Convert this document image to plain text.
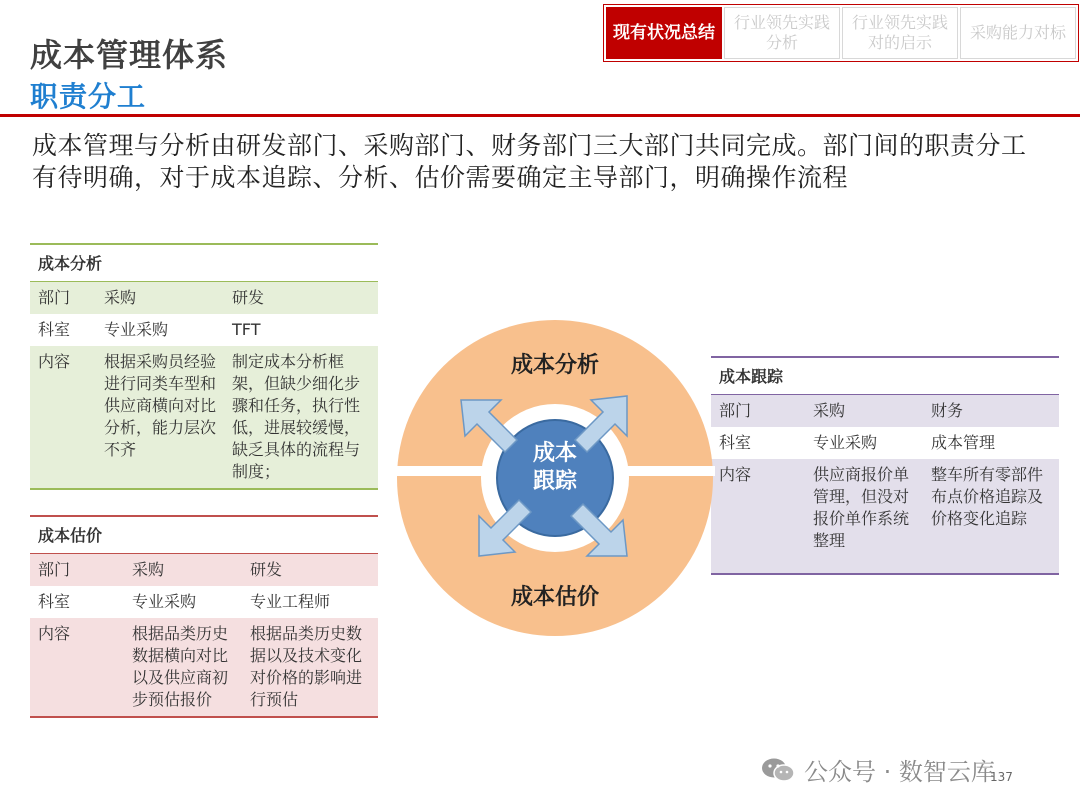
成本管理体系
职责分工
现有状况总结
行业领先实践分析
行业领先实践对的启示
采购能力对标
成本管理与分析由研发部门、采购部门、财务部门三大部门共同完成。部门间的职责分工有待明确，对于成本追踪、分析、估价需要确定主导部门，明确操作流程
成本分析		
部门	采购	研发
科室	专业采购	TFT
内容	根据采购员经验进行同类车型和供应商横向对比分析，能力层次不齐	制定成本分析框架，但缺少细化步骤和任务，执行性低，进展较缓慢，缺乏具体的流程与制度；
成本估价		
部门	采购	研发
科室	专业采购	专业工程师
内容	根据品类历史数据横向对比以及供应商初步预估报价	根据品类历史数据以及技术变化对价格的影响进行预估
成本跟踪		
部门	采购	财务
科室	专业采购	成本管理
内容	供应商报价单管理，但没对报价单作系统整理	整车所有零部件布点价格追踪及价格变化追踪
成本分析
成本估价
成本
跟踪
公众号 · 数智云库
137
